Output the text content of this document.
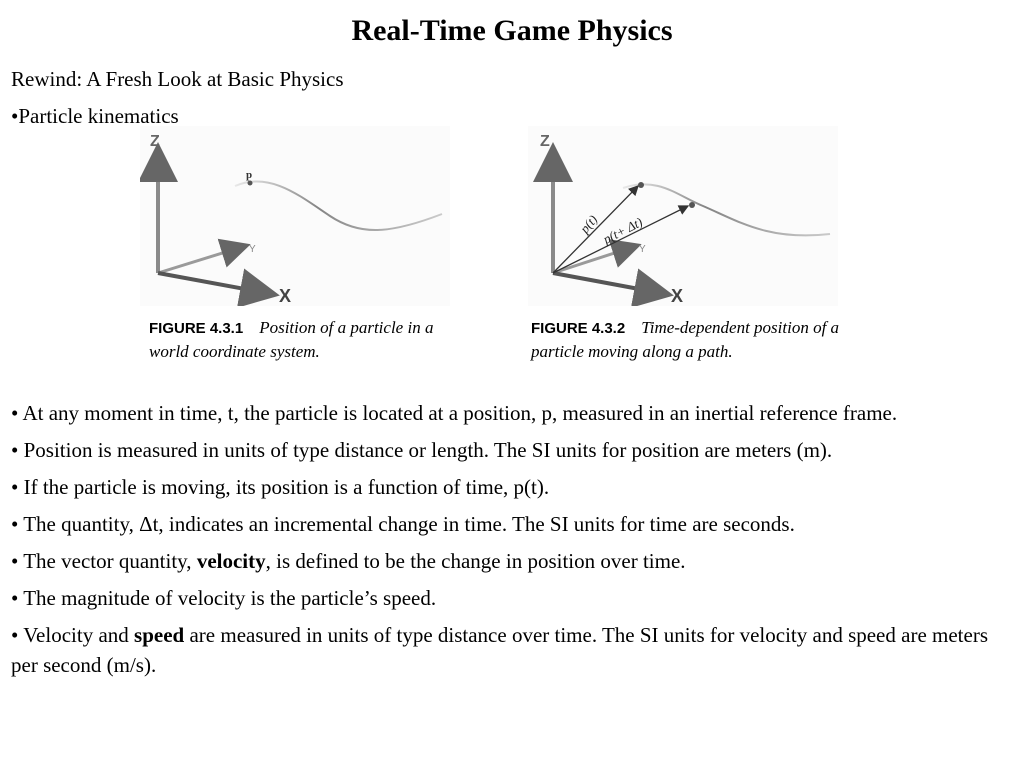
Real-Time Game Physics
Rewind: A Fresh Look at Basic Physics
•Particle kinematics
Z
Y
X
p
FIGURE 4.3.1 Position of a particle in a world coordinate system.
Z
Y
X
p(t) p(t+ Δt)
FIGURE 4.3.2 Time-dependent position of a particle moving along a path.
• At any moment in time, t, the particle is located at a position, p, measured in an inertial reference frame.
• Position is measured in units of type distance or length. The SI units for position are meters (m).
• If the particle is moving, its position is a function of time, p(t).
• The quantity, Δt, indicates an incremental change in time. The SI units for time are seconds.
• The vector quantity, velocity, is defined to be the change in position over time.
• The magnitude of velocity is the particle’s speed.
• Velocity and speed are measured in units of type distance over time. The SI units for velocity and speed are meters per second (m/s).
